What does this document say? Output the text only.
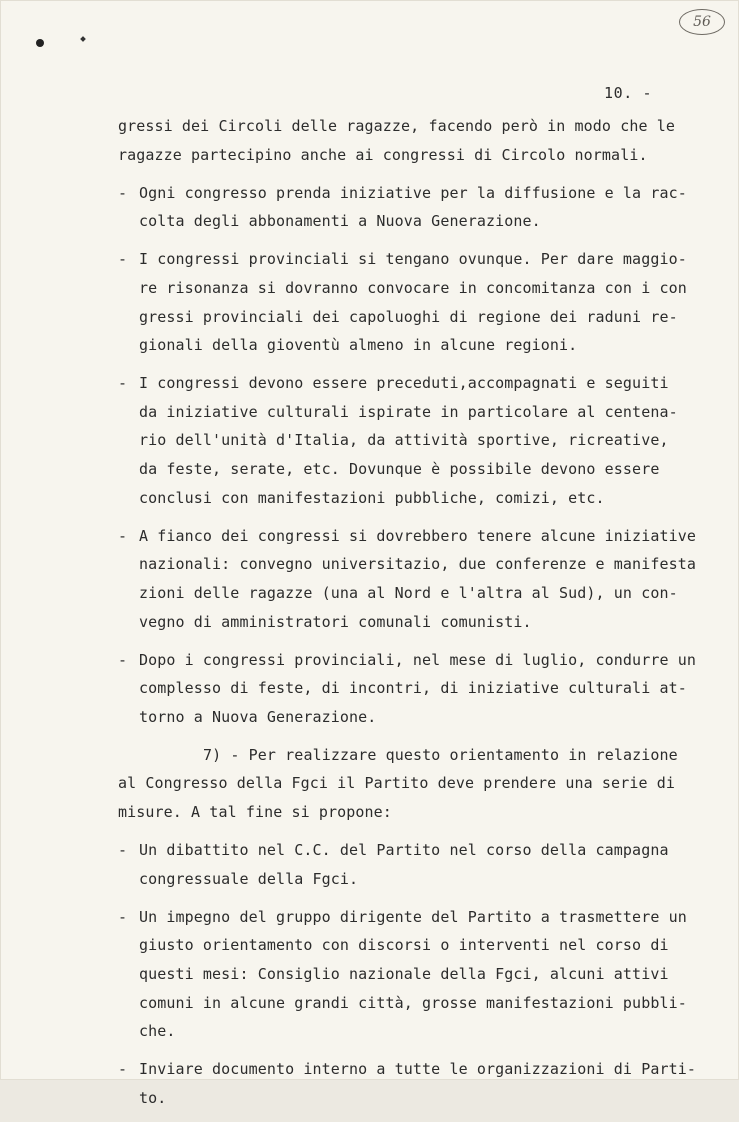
56
10. -
gressi dei Circoli delle ragazze, facendo però in modo che le
ragazze partecipino anche ai congressi di Circolo normali.
- Ogni congresso prenda iniziative per la diffusione e la rac-
colta degli abbonamenti a Nuova Generazione.
- I congressi provinciali si tengano ovunque. Per dare maggio-
re risonanza si dovranno convocare in concomitanza con i con
gressi provinciali dei capoluoghi di regione dei raduni re-
gionali della gioventù almeno in alcune regioni.
- I congressi devono essere preceduti,accompagnati e seguiti
da iniziative culturali ispirate in particolare al centena-
rio dell'unità d'Italia, da attività sportive, ricreative,
da feste, serate, etc. Dovunque è possibile devono essere
conclusi con manifestazioni pubbliche, comizi, etc.
- A fianco dei congressi si dovrebbero tenere alcune iniziative
nazionali: convegno universitazio, due conferenze e manifesta
zioni delle ragazze (una al Nord e l'altra al Sud), un con-
vegno di amministratori comunali comunisti.
- Dopo i congressi provinciali, nel mese di luglio, condurre un
complesso di feste, di incontri, di iniziative culturali at-
torno a Nuova Generazione.
7) - Per realizzare questo orientamento in relazione
al Congresso della Fgci il Partito deve prendere una serie di
misure. A tal fine si propone:
- Un dibattito nel C.C. del Partito nel corso della campagna
congressuale della Fgci.
- Un impegno del gruppo dirigente del Partito a trasmettere un
giusto orientamento con discorsi o interventi nel corso di
questi mesi: Consiglio nazionale della Fgci, alcuni attivi
comuni in alcune grandi città, grosse manifestazioni pubbli-
che.
- Inviare documento interno a tutte le organizzazioni di Parti-
to.
